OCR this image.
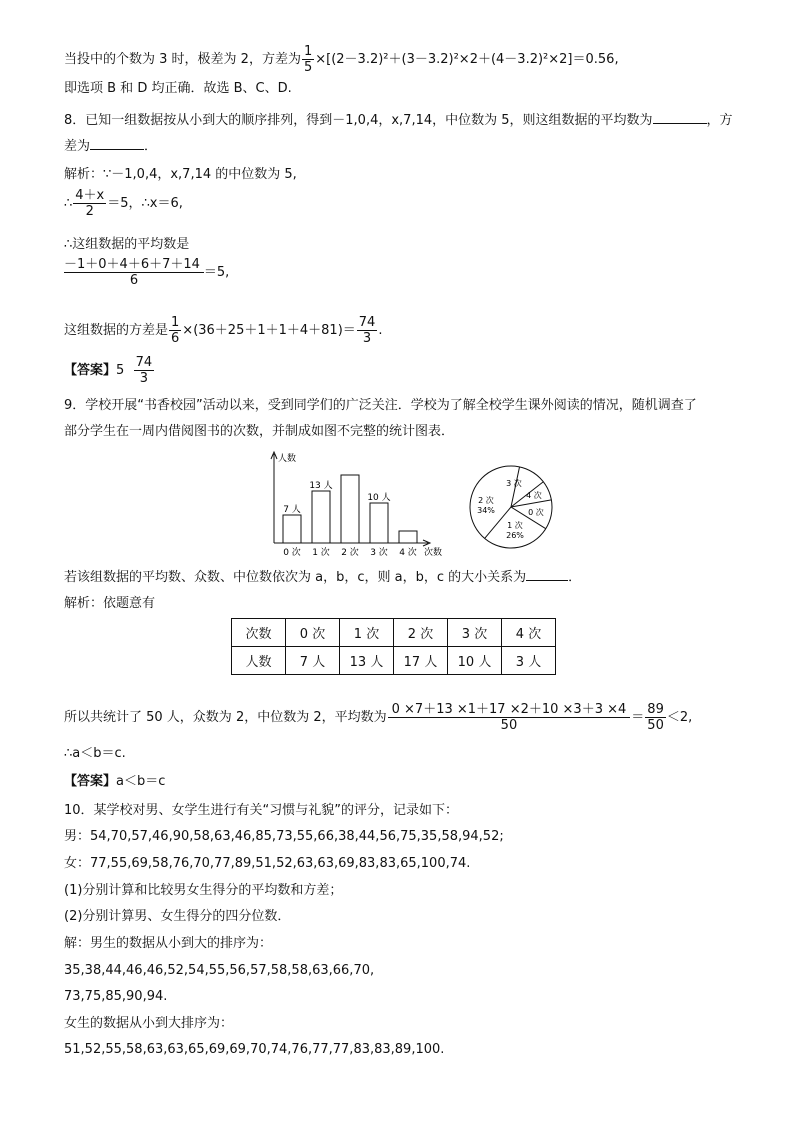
当投中的个数为 3 时，极差为 2，方差为 $\frac{1}{5} \times[(2-3.2)^2+(3-3.2)^2\times 2+(4-3.2)^2\times 2]=0.56$,
即选项 B 和 D 均正确．故选 B、C、D.
8．已知一组数据按从小到大的顺序排列，得到－1,0,4，x,7,14，中位数为 5，则这组数据的平均数为	，方
差为	．
解析：∵－1,0,4，x,7,14 的中位数为 5,
∴ $\frac{4+x}{2} =5$，∴x＝6,
∴这组数据的平均数是
$\frac{-1+0+4+6+7+14}{6} =5$,
这组数据的方差是 $\frac{1}{6} \times(36+25+1+1+4+81)= \frac{74}{3}$ .
【答案】$5 \frac{74}{3}$
9．学校开展“书香校园”活动以来，受到同学们的广泛关注．学校为了解全校学生课外阅读的情况，随机调查了
部分学生在一周内借阅图书的次数，并制成如图不完整的统计图表．
人数
次数
0 次
7 人
1 次
13 人
2 次 3 次
10 人
4 次
3 次
4 次
0 次
1 次
26%
2 次
34%
若该组数据的平均数、众数、中位数依次为 a，b，c，则 a，b，c 的大小关系为	．
解析：依题意有
次数	0 次	1 次	2 次	3 次	4 次
人数	7 人	13 人	17 人	10 人	3 人
所以共统计了 50 人，众数为 2，中位数为 2，平均数为 $\frac{0 \times 7+13 \times 1+17 \times 2+10 \times 3+3 \times 4}{50} = \frac{89}{50} <2$,
∴a＜b＝c.
【答案】a＜b＝c
10．某学校对男、女学生进行有关“习惯与礼貌”的评分，记录如下：
男：54,70,57,46,90,58,63,46,85,73,55,66,38,44,56,75,35,58,94,52;
女：77,55,69,58,76,70,77,89,51,52,63,63,69,83,83,65,100,74.
(1)分别计算和比较男女生得分的平均数和方差；
(2)分别计算男、女生得分的四分位数．
解：男生的数据从小到大的排序为：
35,38,44,46,46,52,54,55,56,57,58,58,63,66,70,
73,75,85,90,94.
女生的数据从小到大排序为：
51,52,55,58,63,63,65,69,69,70,74,76,77,77,83,83,89,100.
